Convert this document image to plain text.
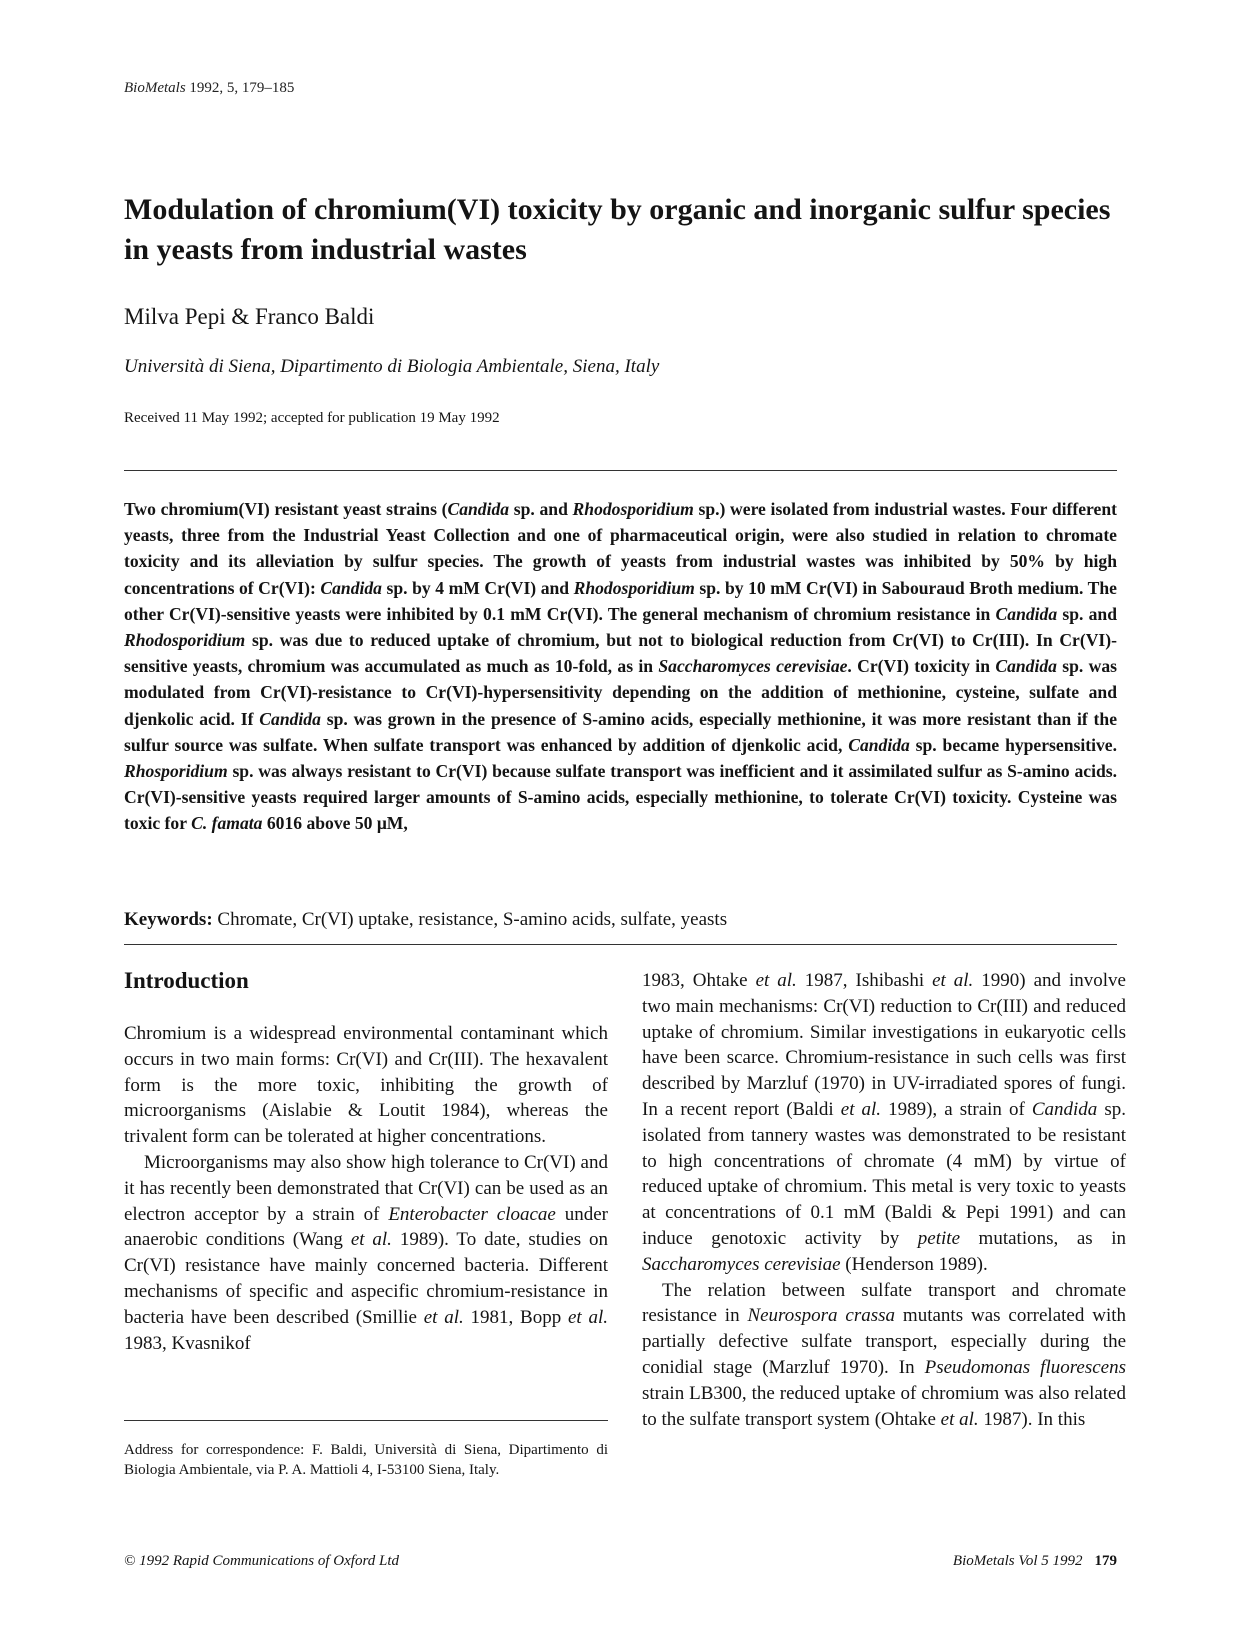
BioMetals 1992, 5, 179–185
Modulation of chromium(VI) toxicity by organic and inorganic sulfur species in yeasts from industrial wastes
Milva Pepi & Franco Baldi
Università di Siena, Dipartimento di Biologia Ambientale, Siena, Italy
Received 11 May 1992; accepted for publication 19 May 1992

Two chromium(VI) resistant yeast strains (Candida sp. and Rhodosporidium sp.) were isolated from industrial wastes. Four different yeasts, three from the Industrial Yeast Collection and one of pharmaceutical origin, were also studied in relation to chromate toxicity and its alleviation by sulfur species. The growth of yeasts from industrial wastes was inhibited by 50% by high concentrations of Cr(VI): Candida sp. by 4 mM Cr(VI) and Rhodosporidium sp. by 10 mM Cr(VI) in Sabouraud Broth medium. The other Cr(VI)-sensitive yeasts were inhibited by 0.1 mM Cr(VI). The general mechanism of chromium resistance in Candida sp. and Rhodosporidium sp. was due to reduced uptake of chromium, but not to biological reduction from Cr(VI) to Cr(III). In Cr(VI)-sensitive yeasts, chromium was accumulated as much as 10-fold, as in Saccharomyces cerevisiae. Cr(VI) toxicity in Candida sp. was modulated from Cr(VI)-resistance to Cr(VI)-hypersensitivity depending on the addition of methionine, cysteine, sulfate and djenkolic acid. If Candida sp. was grown in the presence of S-amino acids, especially methionine, it was more resistant than if the sulfur source was sulfate. When sulfate transport was enhanced by addition of djenkolic acid, Candida sp. became hypersensitive. Rhosporidium sp. was always resistant to Cr(VI) because sulfate transport was inefficient and it assimilated sulfur as S-amino acids. Cr(VI)-sensitive yeasts required larger amounts of S-amino acids, especially methionine, to tolerate Cr(VI) toxicity. Cysteine was toxic for C. famata 6016 above 50 μM,

Keywords: Chromate, Cr(VI) uptake, resistance, S-amino acids, sulfate, yeasts
Introduction

Chromium is a widespread environmental contaminant which occurs in two main forms: Cr(VI) and Cr(III). The hexavalent form is the more toxic, inhibiting the growth of microorganisms (Aislabie & Loutit 1984), whereas the trivalent form can be tolerated at higher concentrations.

Microorganisms may also show high tolerance to Cr(VI) and it has recently been demonstrated that Cr(VI) can be used as an electron acceptor by a strain of Enterobacter cloacae under anaerobic conditions (Wang et al. 1989). To date, studies on Cr(VI) resistance have mainly concerned bacteria. Different mechanisms of specific and aspecific chromium-resistance in bacteria have been described (Smillie et al. 1981, Bopp et al. 1983, Kvasnikof

Address for correspondence: F. Baldi, Università di Siena, Dipartimento di Biologia Ambientale, via P. A. Mattioli 4, I-53100 Siena, Italy.

1983, Ohtake et al. 1987, Ishibashi et al. 1990) and involve two main mechanisms: Cr(VI) reduction to Cr(III) and reduced uptake of chromium. Similar investigations in eukaryotic cells have been scarce. Chromium-resistance in such cells was first described by Marzluf (1970) in UV-irradiated spores of fungi. In a recent report (Baldi et al. 1989), a strain of Candida sp. isolated from tannery wastes was demonstrated to be resistant to high concentrations of chromate (4 mM) by virtue of reduced uptake of chromium. This metal is very toxic to yeasts at concentrations of 0.1 mM (Baldi & Pepi 1991) and can induce genotoxic activity by petite mutations, as in Saccharomyces cerevisiae (Henderson 1989).

The relation between sulfate transport and chromate resistance in Neurospora crassa mutants was correlated with partially defective sulfate transport, especially during the conidial stage (Marzluf 1970). In Pseudomonas fluorescens strain LB300, the reduced uptake of chromium was also related to the sulfate transport system (Ohtake et al. 1987). In this

© 1992 Rapid Communications of Oxford Ltd	BioMetals Vol 5 1992 179
